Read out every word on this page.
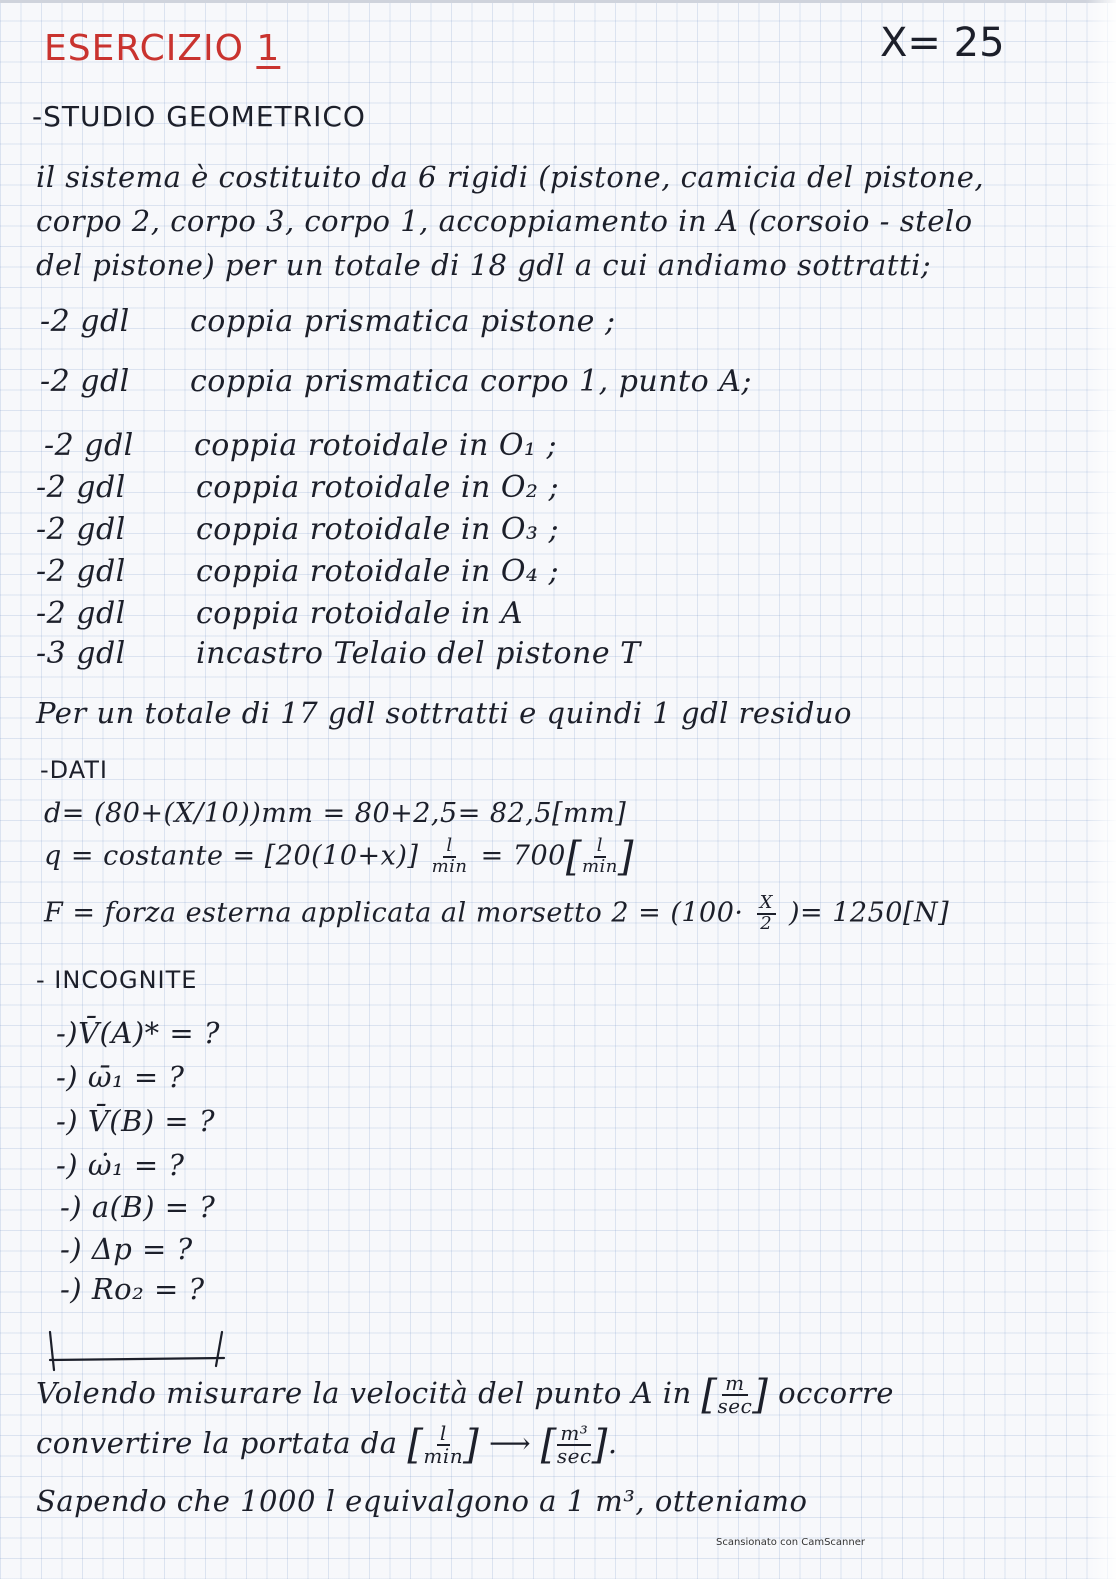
ESERCIZIO 1	X= 25
-STUDIO GEOMETRICO
il sistema è costituito da 6 rigidi (pistone, camicia del pistone,
corpo 2, corpo 3, corpo 1, accoppiamento in A (corsoio - stelo
del pistone) per un totale di 18 gdl a cui andiamo sottratti;
-2 gdl coppia prismatica pistone ;
-2 gdl coppia prismatica corpo 1, punto A;
-2 gdl coppia rotoidale in O₁ ;
-2 gdl coppia rotoidale in O₂ ;
-2 gdl coppia rotoidale in O₃ ;
-2 gdl coppia rotoidale in O₄ ;
-2 gdl coppia rotoidale in A
-3 gdl incastro Telaio del pistone T
Per un totale di 17 gdl sottratti e quindi 1 gdl residuo
-DATI
d= (80+(X/10))mm = 80+2,5= 82,5[mm]
q = costante = $[20(10+x)] \frac{l}{\min} = 700[ \frac{l}{\min}$ ]
F = forza esterna applicata al morsetto $2 = (100\cdot \frac{X}{2}$ )= 1250[N]
- INCOGNITE
-)V̄(A)* = ?
-) ω̄₁ = ?
-) V̄(B) = ?
-) ω̇₁ = ?
-) a(B) = ?
-) Δp = ?
-) Ro₂ = ?
Volendo misurare la velocità del punto A in [ $\frac{m}{\sec}$ ] occorre
convertire la portata da [ $\frac{l}{\min}$ ] ⟶ [ $\frac{\text{m³}}{\sec}$ ].
Sapendo che 1000 l equivalgono a 1 m³, otteniamo
Scansionato con CamScanner
